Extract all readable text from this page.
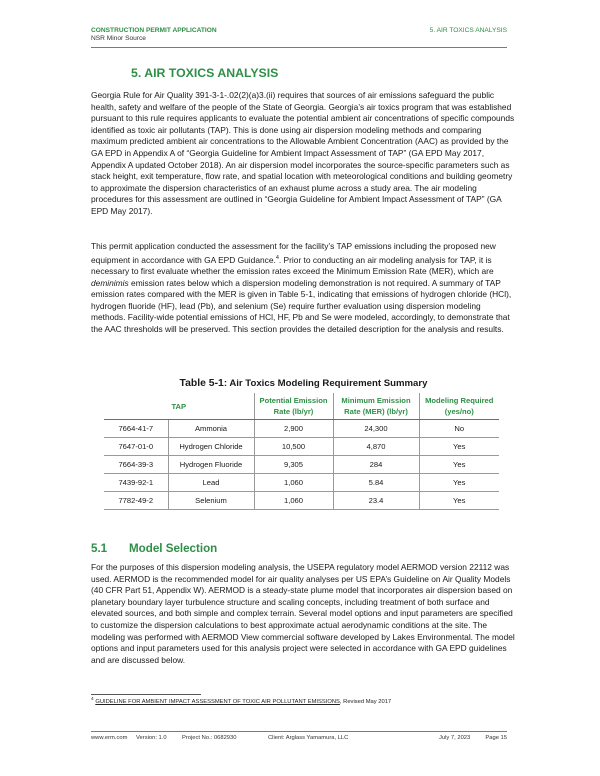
CONSTRUCTION PERMIT APPLICATION
NSR Minor Source
5. AIR TOXICS ANALYSIS
5. AIR TOXICS ANALYSIS

Georgia Rule for Air Quality 391-3-1-.02(2)(a)3.(ii) requires that sources of air emissions safeguard the public health, safety and welfare of the people of the State of Georgia. Georgia’s air toxics program that was established pursuant to this rule requires applicants to evaluate the potential ambient air concentrations of specific compounds identified as toxic air pollutants (TAP). This is done using air dispersion modeling methods and comparing maximum predicted ambient air concentrations to the Allowable Ambient Concentration (AAC) as provided by the GA EPD in Appendix A of “Georgia Guideline for Ambient Impact Assessment of TAP” (GA EPD May 2017, Appendix A updated October 2018). An air dispersion model incorporates the source-specific parameters such as stack height, exit temperature, flow rate, and spatial location with meteorological conditions and building geometry to approximate the dispersion characteristics of an exhaust plume across a study area. The air modeling procedures for this assessment are outlined in “Georgia Guideline for Ambient Impact Assessment of TAP” (GA EPD May 2017).

This permit application conducted the assessment for the facility’s TAP emissions including the proposed new equipment in accordance with GA EPD Guidance.$^4$. Prior to conducting an air modeling analysis for TAP, it is necessary to first evaluate whether the emission rates exceed the Minimum Emission Rate (MER), which are deminimis emission rates below which a dispersion modeling demonstration is not required. A summary of TAP emission rates compared with the MER is given in Table 5-1, indicating that emissions of hydrogen chloride (HCl), hydrogen fluoride (HF), lead (Pb), and selenium (Se) require further evaluation using dispersion modeling methods. Facility-wide potential emissions of HCl, HF, Pb and Se were modeled, accordingly, to demonstrate that the AAC thresholds will be preserved. This section provides the detailed description for the analysis and results.

Table 5-1: Air Toxics Modeling Requirement Summary
TAP		Potential Emission Rate (lb/yr)	Minimum Emission Rate (MER) (lb/yr)	Modeling Required (yes/no)
7664-41-7	Ammonia	2,900	24,300	No
7647-01-0	Hydrogen Chloride	10,500	4,870	Yes
7664-39-3	Hydrogen Fluoride	9,305	284	Yes
7439-92-1	Lead	1,060	5.84	Yes
7782-49-2	Selenium	1,060	23.4	Yes
5.1 Model Selection

For the purposes of this dispersion modeling analysis, the USEPA regulatory model AERMOD version 22112 was used. AERMOD is the recommended model for air quality analyses per US EPA’s Guideline on Air Quality Models (40 CFR Part 51, Appendix W). AERMOD is a steady-state plume model that incorporates air dispersion based on planetary boundary layer turbulence structure and scaling concepts, including treatment of both surface and elevated sources, and both simple and complex terrain. Several model options and input parameters are specified to customize the dispersion calculations to best approximate actual aerodynamic conditions at the site. The modeling was performed with AERMOD View commercial software developed by Lakes Environmental. The model options and input parameters used for this analysis project were selected in accordance with GA EPD guidelines and are discussed below.

$^4$ GUIDELINE FOR AMBIENT IMPACT ASSESSMENT OF TOXIC AIR POLLUTANT EMISSIONS, Revised May 2017
www.erm.com	Version: 1.0	Project No.: 0682930	Client: Arglass Yamamura, LLC	July 7, 2023	Page 15
